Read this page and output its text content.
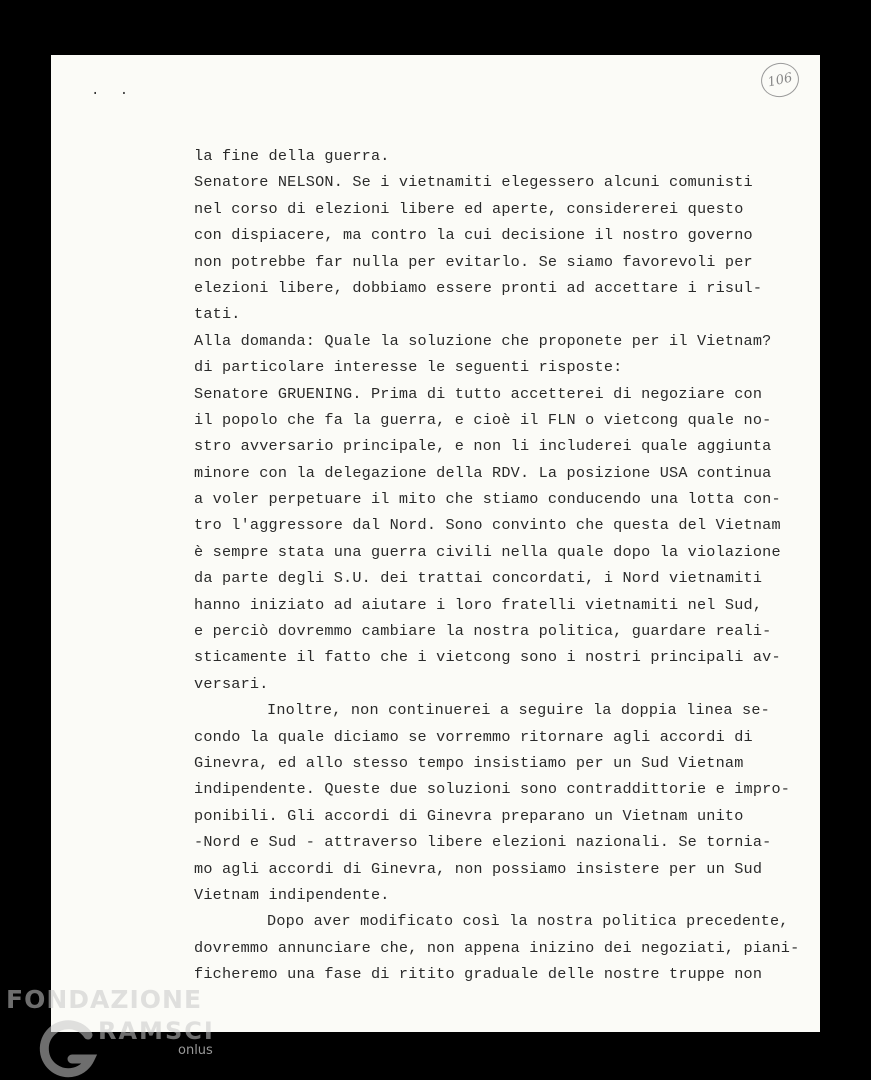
. .
106
la fine della guerra.
Senatore NELSON. Se i vietnamiti elegessero alcuni comunisti
nel corso di elezioni libere ed aperte, considererei questo
con dispiacere, ma contro la cui decisione il nostro governo
non potrebbe far nulla per evitarlo. Se siamo favorevoli per
elezioni libere, dobbiamo essere pronti ad accettare i risul-
tati.
Alla domanda: Quale la soluzione che proponete per il Vietnam?
di particolare interesse le seguenti risposte:
Senatore GRUENING. Prima di tutto accetterei di negoziare con
il popolo che fa la guerra, e cioè il FLN o vietcong quale no-
stro avversario principale, e non li includerei quale aggiunta
minore con la delegazione della RDV. La posizione USA continua
a voler perpetuare il mito che stiamo conducendo una lotta con-
tro l'aggressore dal Nord. Sono convinto che questa del Vietnam
è sempre stata una guerra civili nella quale dopo la violazione
da parte degli S.U. dei trattai concordati, i Nord vietnamiti
hanno iniziato ad aiutare i loro fratelli vietnamiti nel Sud,
e perciò dovremmo cambiare la nostra politica, guardare reali-
sticamente il fatto che i vietcong sono i nostri principali av-
versari.
Inoltre, non continuerei a seguire la doppia linea se-
condo la quale diciamo se vorremmo ritornare agli accordi di
Ginevra, ed allo stesso tempo insistiamo per un Sud Vietnam
indipendente. Queste due soluzioni sono contraddittorie e impro-
ponibili. Gli accordi di Ginevra preparano un Vietnam unito
-Nord e Sud - attraverso libere elezioni nazionali. Se tornia-
mo agli accordi di Ginevra, non possiamo insistere per un Sud
Vietnam indipendente.
Dopo aver modificato così la nostra politica precedente,
dovremmo annunciare che, non appena inizino dei negoziati, piani-
ficheremo una fase di ritito graduale delle nostre truppe non
FONDAZIONE
RAMSCI
onlus
